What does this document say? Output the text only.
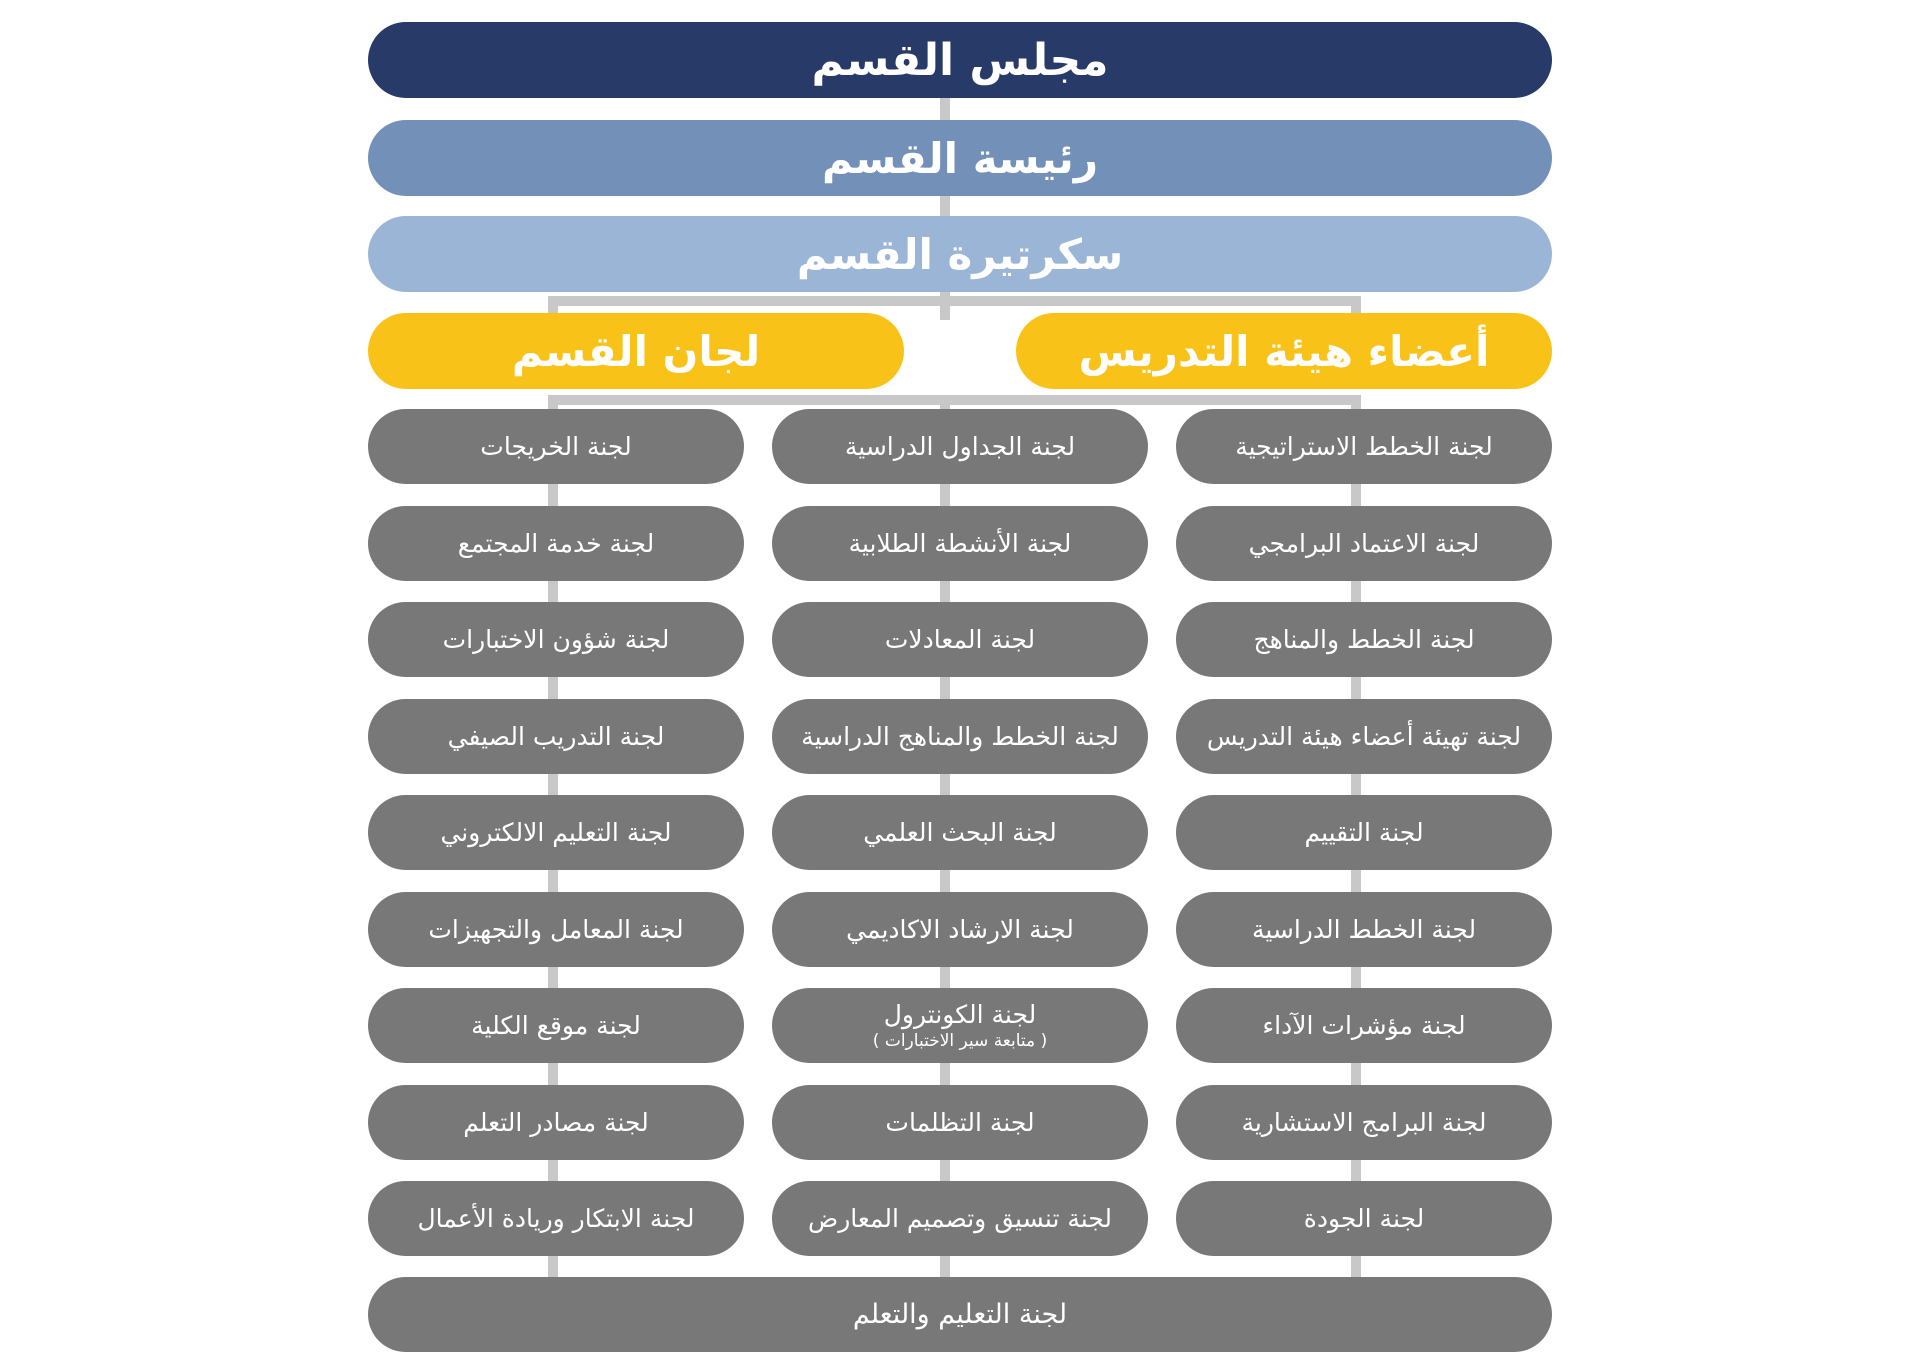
مجلس القسم
رئيسة القسم
سكرتيرة القسم
أعضاء هيئة التدريس
لجان القسم
لجنة الخطط الاستراتيجية
لجنة الاعتماد البرامجي
لجنة الخطط والمناهج
لجنة تهيئة أعضاء هيئة التدريس
لجنة التقييم
لجنة الخطط الدراسية
لجنة مؤشرات الآداء
لجنة البرامج الاستشارية
لجنة الجودة
لجنة الجداول الدراسية
لجنة الأنشطة الطلابية
لجنة المعادلات
لجنة الخطط والمناهج الدراسية
لجنة البحث العلمي
لجنة الارشاد الاكاديمي
لجنة الكونترول
( متابعة سير الاختبارات )
لجنة التظلمات
لجنة تنسيق وتصميم المعارض
لجنة الخريجات
لجنة خدمة المجتمع
لجنة شؤون الاختبارات
لجنة التدريب الصيفي
لجنة التعليم الالكتروني
لجنة المعامل والتجهيزات
لجنة موقع الكلية
لجنة مصادر التعلم
لجنة الابتكار وريادة الأعمال
لجنة التعليم والتعلم
